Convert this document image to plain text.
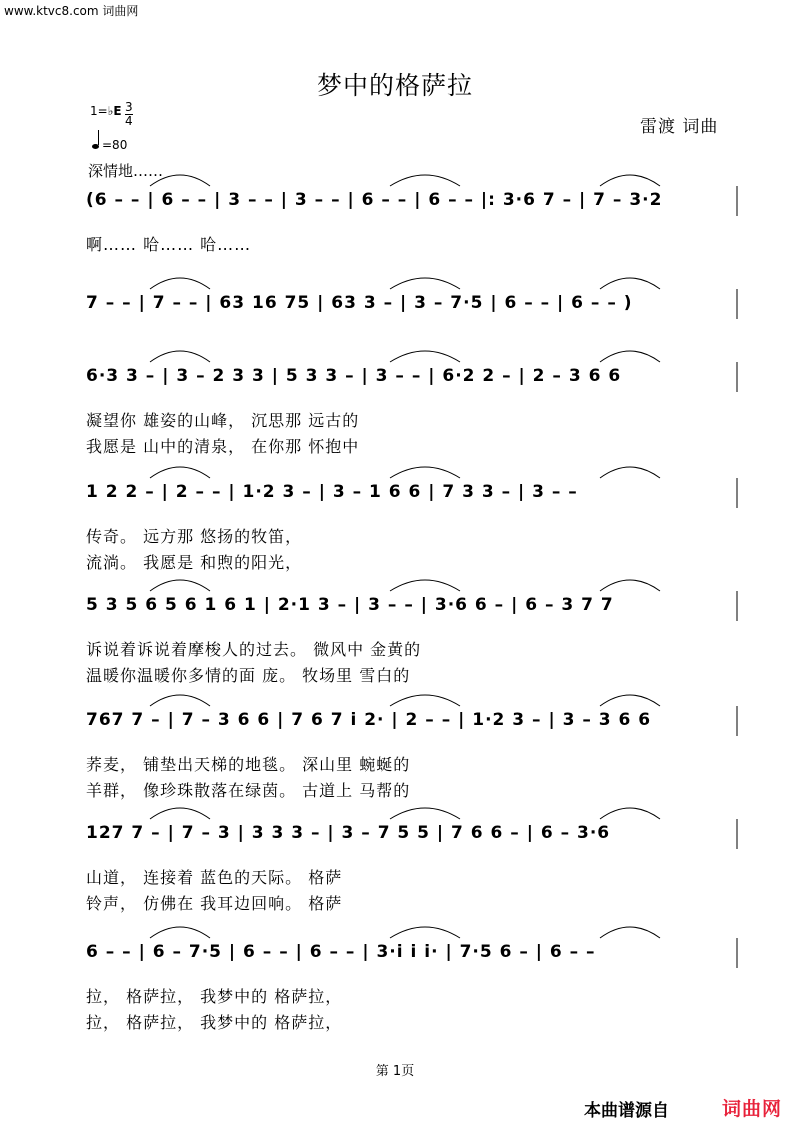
www.ktvc8.com 词曲网
梦中的格萨拉
雷渡 词曲
1=♭E $\frac{3}{4}$
=80
深情地……
(6 – – | 6 – – | 3 – – | 3 – – | 6 – – | 6 – – |: 3·6 7 – | 7 – 3·2
啊…… 哈…… 哈……
7 – – | 7 – – | 63 16 75 | 63 3 – | 3 – 7·5 | 6 – – | 6 – – )
6·3 3 – | 3 – 2 3 3 | 5 3 3 – | 3 – – | 6·2 2 – | 2 – 3 6 6
凝望你 雄姿的山峰， 沉思那 远古的
我愿是 山中的清泉， 在你那 怀抱中
1 2 2 – | 2 – – | 1·2 3 – | 3 – 1 6 6 | 7 3 3 – | 3 – –
传奇。 远方那 悠扬的牧笛，
流淌。 我愿是 和煦的阳光，
5 3 5 6 5 6 1 6 1 | 2·1 3 – | 3 – – | 3·6 6 – | 6 – 3 7 7
诉说着诉说着摩梭人的过去。 微风中 金黄的
温暖你温暖你多情的面 庞。 牧场里 雪白的
767 7 – | 7 – 3 6 6 | 7 6 7 i 2· | 2 – – | 1·2 3 – | 3 – 3 6 6
荞麦， 铺垫出天梯的地毯。 深山里 蜿蜒的
羊群， 像珍珠散落在绿茵。 古道上 马帮的
127 7 – | 7 – 3 | 3 3 3 – | 3 – 7 5 5 | 7 6 6 – | 6 – 3·6
山道， 连接着 蓝色的天际。 格萨
铃声， 仿佛在 我耳边回响。 格萨
6 – – | 6 – 7·5 | 6 – – | 6 – – | 3·i i i· | 7·5 6 – | 6 – –
拉， 格萨拉， 我梦中的 格萨拉，
拉， 格萨拉， 我梦中的 格萨拉，
第 1页
本曲谱源自	词曲网
